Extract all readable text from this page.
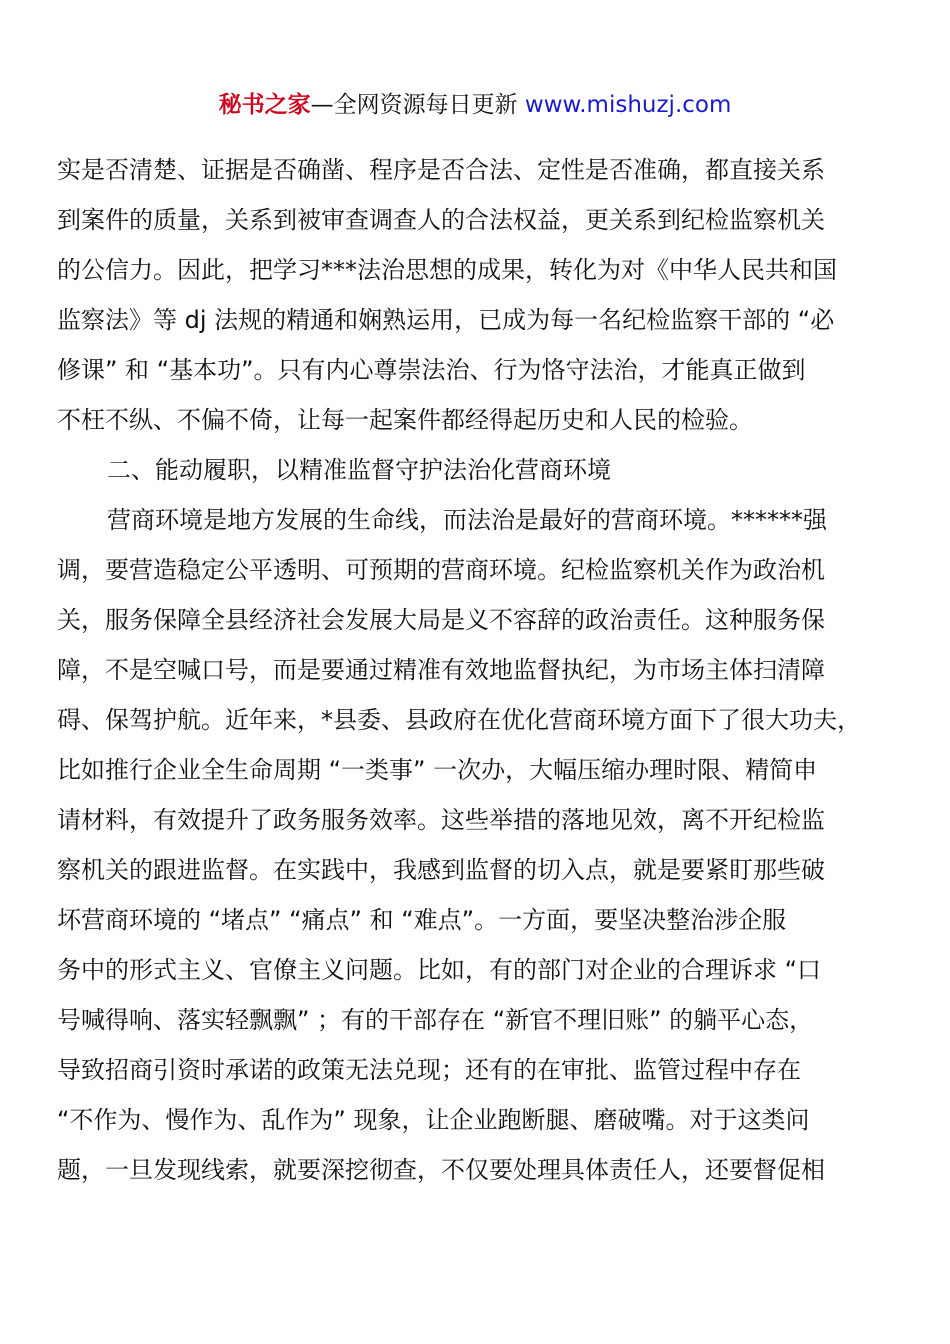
秘书之家—全网资源每日更新 www.mishuzj.com
实是否清楚、证据是否确凿、程序是否合法、定性是否准确，都直接关系
到案件的质量，关系到被审查调查人的合法权益，更关系到纪检监察机关
的公信力。因此，把学习***法治思想的成果，转化为对《中华人民共和国
监察法》等 dj 法规的精通和娴熟运用，已成为每一名纪检监察干部的 “必
修课” 和 “基本功”。只有内心尊崇法治、行为恪守法治，才能真正做到
不枉不纵、不偏不倚，让每一起案件都经得起历史和人民的检验。
二、能动履职，以精准监督守护法治化营商环境
营商环境是地方发展的生命线，而法治是最好的营商环境。******强
调，要营造稳定公平透明、可预期的营商环境。纪检监察机关作为政治机
关，服务保障全县经济社会发展大局是义不容辞的政治责任。这种服务保
障，不是空喊口号，而是要通过精准有效地监督执纪，为市场主体扫清障
碍、保驾护航。近年来，*县委、县政府在优化营商环境方面下了很大功夫，
比如推行企业全生命周期 “一类事” 一次办，大幅压缩办理时限、精简申
请材料，有效提升了政务服务效率。这些举措的落地见效，离不开纪检监
察机关的跟进监督。在实践中，我感到监督的切入点，就是要紧盯那些破
坏营商环境的 “堵点” “痛点” 和 “难点”。一方面，要坚决整治涉企服
务中的形式主义、官僚主义问题。比如，有的部门对企业的合理诉求 “口
号喊得响、落实轻飘飘” ；有的干部存在 “新官不理旧账” 的躺平心态，
导致招商引资时承诺的政策无法兑现；还有的在审批、监管过程中存在
“不作为、慢作为、乱作为” 现象，让企业跑断腿、磨破嘴。对于这类问
题，一旦发现线索，就要深挖彻查，不仅要处理具体责任人，还要督促相
